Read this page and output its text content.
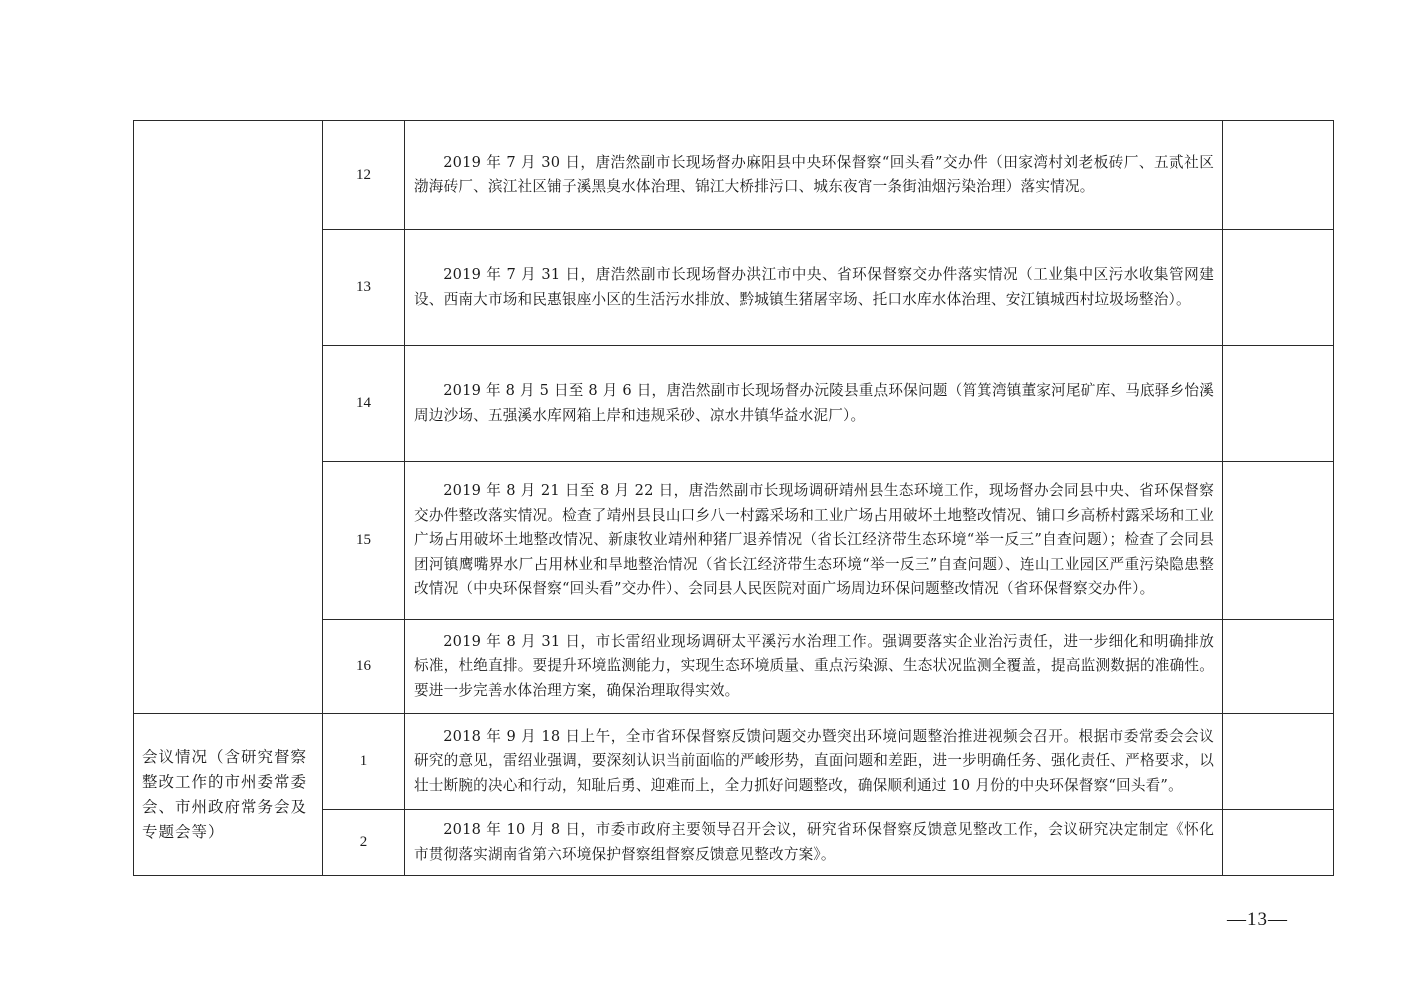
	12	2019 年 7 月 30 日，唐浩然副市长现场督办麻阳县中央环保督察“回头看”交办件（田家湾村刘老板砖厂、五贰社区渤海砖厂、滨江社区铺子溪黑臭水体治理、锦江大桥排污口、城东夜宵一条街油烟污染治理）落实情况。	
	13	2019 年 7 月 31 日，唐浩然副市长现场督办洪江市中央、省环保督察交办件落实情况（工业集中区污水收集管网建设、西南大市场和民惠银座小区的生活污水排放、黔城镇生猪屠宰场、托口水库水体治理、安江镇城西村垃圾场整治）。	
	14	2019 年 8 月 5 日至 8 月 6 日，唐浩然副市长现场督办沅陵县重点环保问题（筲箕湾镇董家河尾矿库、马底驿乡怡溪周边沙场、五强溪水库网箱上岸和违规采砂、凉水井镇华益水泥厂）。	
	15	2019 年 8 月 21 日至 8 月 22 日，唐浩然副市长现场调研靖州县生态环境工作，现场督办会同县中央、省环保督察交办件整改落实情况。检查了靖州县艮山口乡八一村露采场和工业广场占用破坏土地整改情况、铺口乡高桥村露采场和工业广场占用破坏土地整改情况、新康牧业靖州种猪厂退养情况（省长江经济带生态环境“举一反三”自查问题）；检查了会同县团河镇鹰嘴界水厂占用林业和旱地整治情况（省长江经济带生态环境“举一反三”自查问题）、连山工业园区严重污染隐患整改情况（中央环保督察“回头看”交办件）、会同县人民医院对面广场周边环保问题整改情况（省环保督察交办件）。	
	16	2019 年 8 月 31 日，市长雷绍业现场调研太平溪污水治理工作。强调要落实企业治污责任，进一步细化和明确排放标准，杜绝直排。要提升环境监测能力，实现生态环境质量、重点污染源、生态状况监测全覆盖，提高监测数据的准确性。要进一步完善水体治理方案，确保治理取得实效。	
会议情况（含研究督察整改工作的市州委常委会、市州政府常务会及专题会等）	1	2018 年 9 月 18 日上午，全市省环保督察反馈问题交办暨突出环境问题整治推进视频会召开。根据市委常委会会议研究的意见，雷绍业强调，要深刻认识当前面临的严峻形势，直面问题和差距，进一步明确任务、强化责任、严格要求，以壮士断腕的决心和行动，知耻后勇、迎难而上，全力抓好问题整改，确保顺利通过 10 月份的中央环保督察“回头看”。	
	2	2018 年 10 月 8 日，市委市政府主要领导召开会议，研究省环保督察反馈意见整改工作，会议研究决定制定《怀化市贯彻落实湖南省第六环境保护督察组督察反馈意见整改方案》。	
—13—
